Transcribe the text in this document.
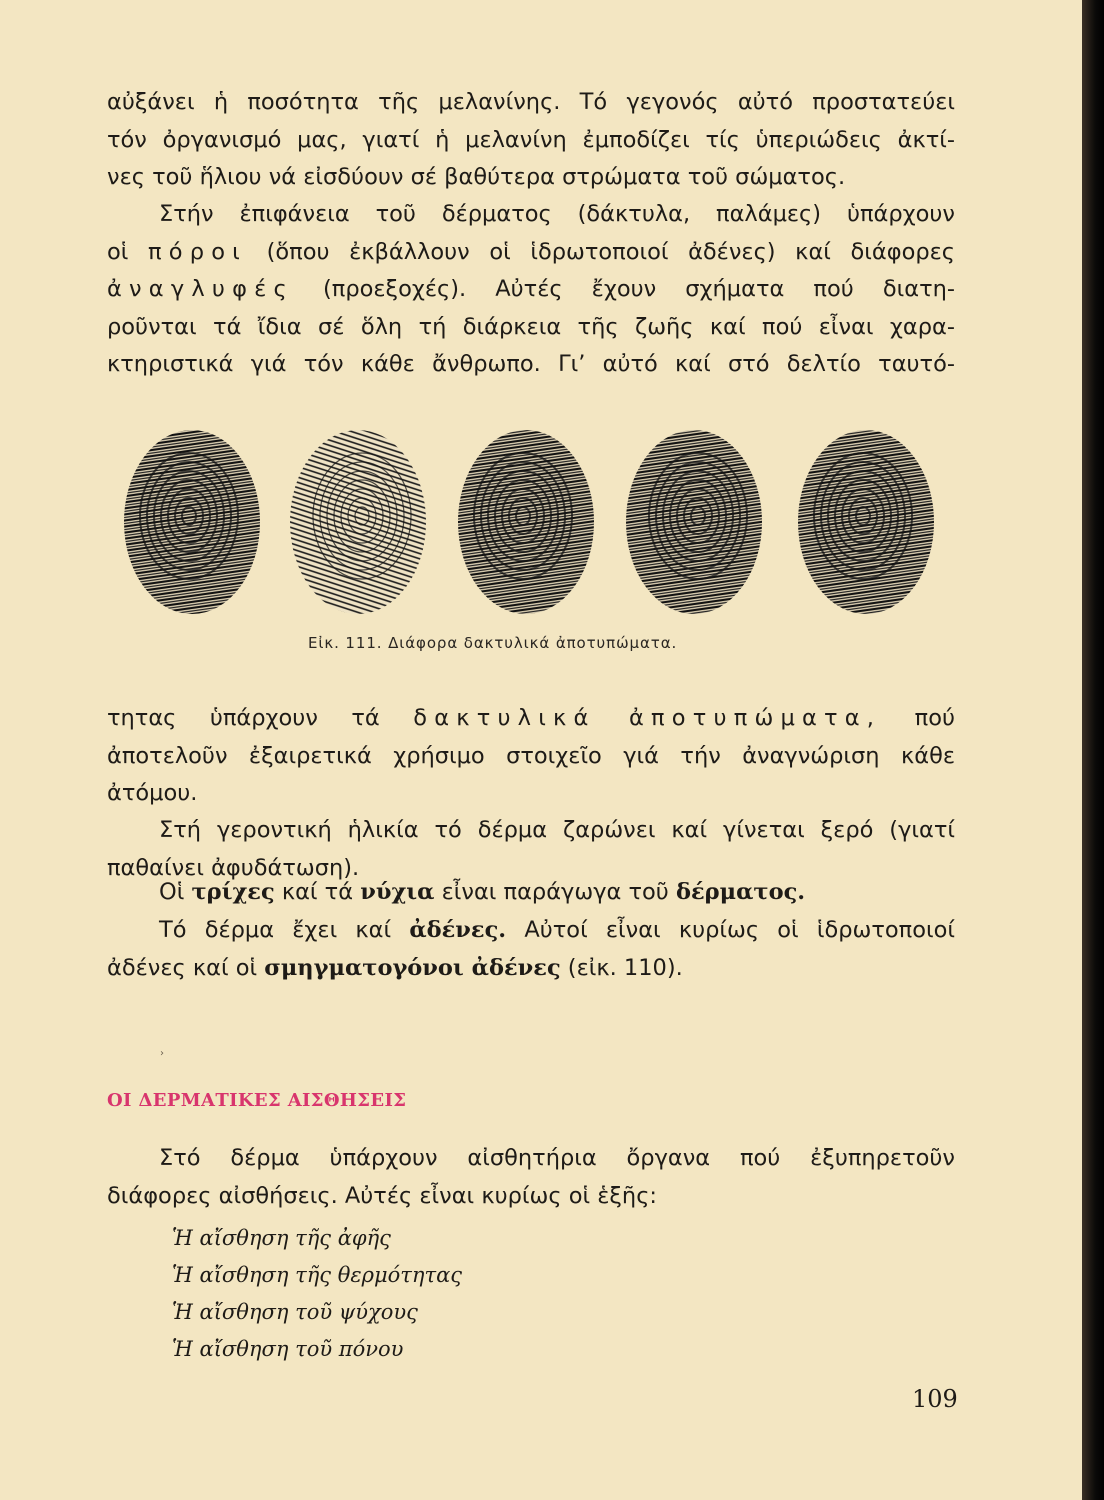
αὐξάνει ἡ ποσότητα τῆς μελανίνης. Τό γεγονός αὐτό προστατεύει
τόν ὀργανισμό μας, γιατί ἡ μελανίνη ἐμποδίζει τίς ὑπεριώδεις ἀκτί-
νες τοῦ ἥλιου νά εἰσδύουν σέ βαθύτερα στρώματα τοῦ σώματος.
Στήν ἐπιφάνεια τοῦ δέρματος (δάκτυλα, παλάμες) ὑπάρχουν
οἱ πόροι (ὅπου ἐκβάλλουν οἱ ἱδρωτοποιοί ἀδένες) καί διάφορες
ἀναγλυφές (προεξοχές). Αὐτές ἔχουν σχήματα πού διατη-
ροῦνται τά ἴδια σέ ὅλη τή διάρκεια τῆς ζωῆς καί πού εἶναι χαρα-
κτηριστικά γιά τόν κάθε ἄνθρωπο. Γι’ αὐτό καί στό δελτίο ταυτό-
Εἰκ. 111. Διάφορα δακτυλικά ἀποτυπώματα.
τητας ὑπάρχουν τά δακτυλικά ἀποτυπώματα, πού
ἀποτελοῦν ἐξαιρετικά χρήσιμο στοιχεῖο γιά τήν ἀναγνώριση κάθε
ἀτόμου.
Στή γεροντική ἡλικία τό δέρμα ζαρώνει καί γίνεται ξερό (γιατί
παθαίνει ἀφυδάτωση).
Οἱ τρίχες καί τά νύχια εἶναι παράγωγα τοῦ δέρματος.
Τό δέρμα ἔχει καί ἀδένες. Αὐτοί εἶναι κυρίως οἱ ἱδρωτοποιοί
ἀδένες καί οἱ σμηγματογόνοι ἀδένες (εἰκ. 110).
›
ΟΙ ΔΕΡΜΑΤΙΚΕΣ ΑΙΣΘΗΣΕΙΣ
Στό δέρμα ὑπάρχουν αἰσθητήρια ὄργανα πού ἐξυπηρετοῦν
διάφορες αἰσθήσεις. Αὐτές εἶναι κυρίως οἱ ἑξῆς:
Ἡ αἴσθηση τῆς ἀφῆς
Ἡ αἴσθηση τῆς θερμότητας
Ἡ αἴσθηση τοῦ ψύχους
Ἡ αἴσθηση τοῦ πόνου
109
